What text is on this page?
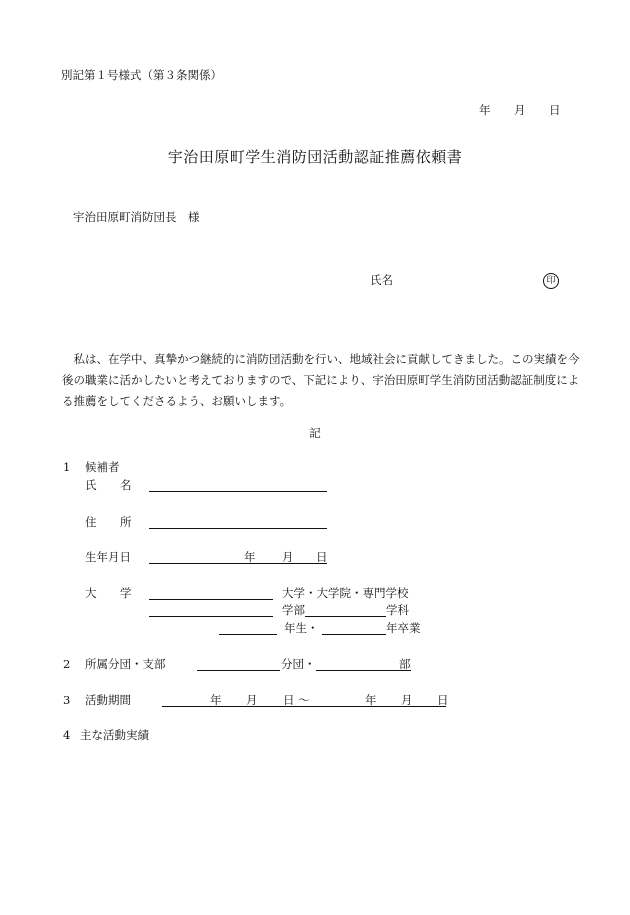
別記第１号様式（第３条関係）
年 月 日
宇治田原町学生消防団活動認証推薦依頼書
宇治田原町消防団長　様
氏名	印
　私は、在学中、真摯かつ継続的に消防団活動を行い、地域社会に貢献してきました。この実績を今後の職業に活かしたいと考えておりますので、下記により、宇治田原町学生消防団活動認証制度による推薦をしてくださるよう、お願いします。
記
1 候補者
氏 名
住 所
生年月日	年 月 日
大 学	大学・大学院・専門学校
学部	学科
年生・	年卒業
2 所属分団・支部	分団・	部
3 活動期間	年 月 日 ～	年 月 日
4 主な活動実績
